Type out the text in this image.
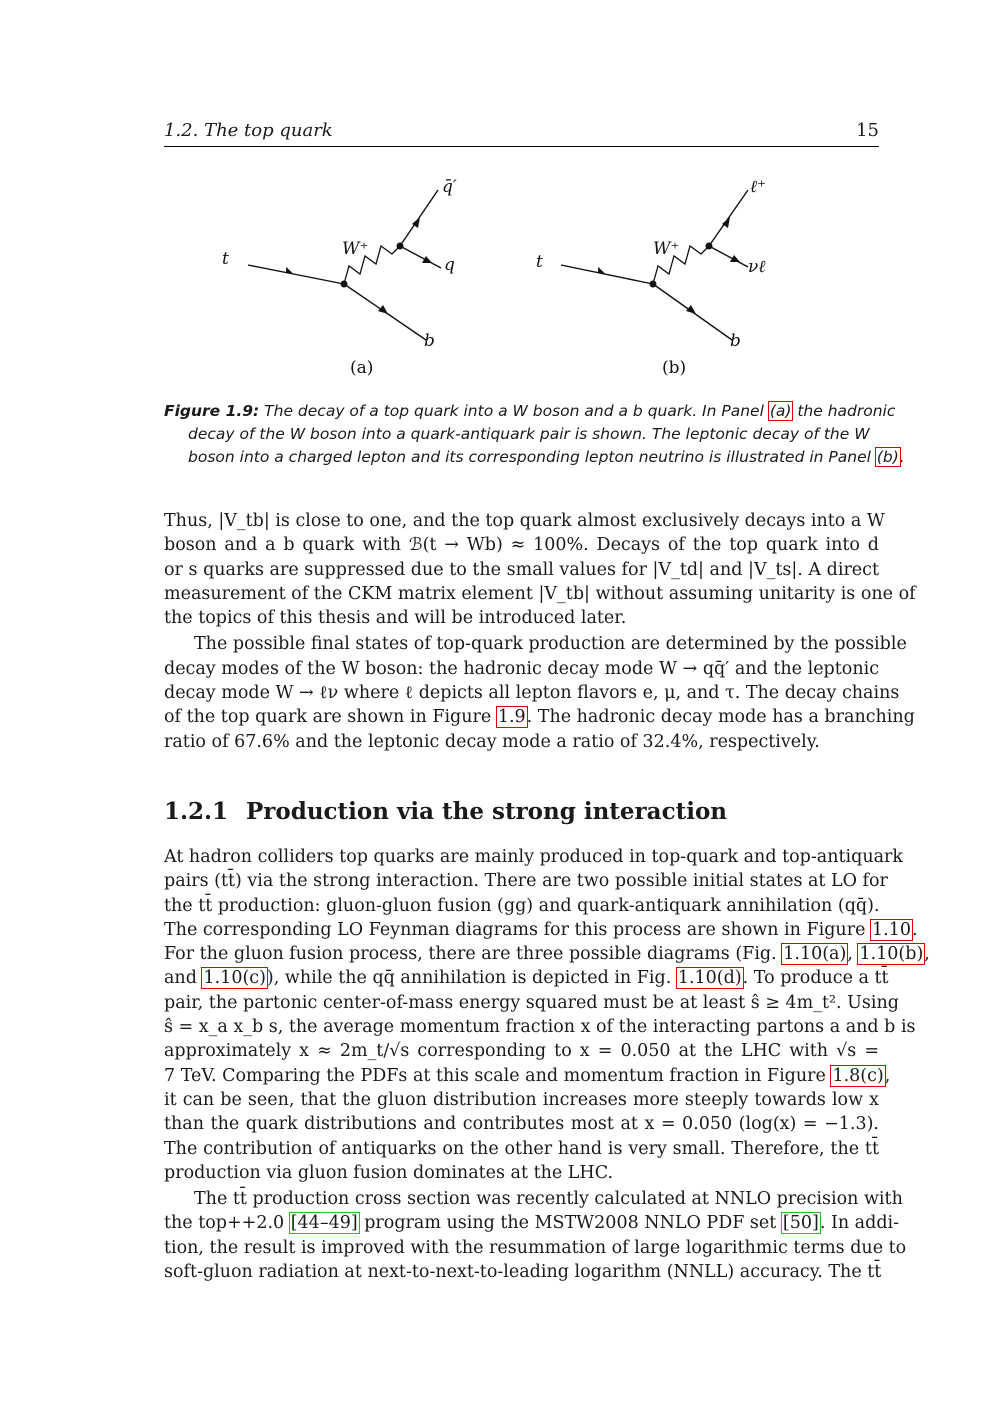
1.2. The top quark	15
t	W⁺
q̄′
q
b
(a)
t
W⁺
ℓ⁺
νℓ
b
(b)
Figure 1.9: The decay of a top quark into a W boson and a b quark. In Panel (a) the hadronic
decay of the W boson into a quark-antiquark pair is shown. The leptonic decay of the W
boson into a charged lepton and its corresponding lepton neutrino is illustrated in Panel (b).

Thus, |V_tb| is close to one, and the top quark almost exclusively decays into a W
boson and a b quark with ℬ(t → Wb) ≈ 100%. Decays of the top quark into d
or s quarks are suppressed due to the small values for |V_td| and |V_ts|. A direct
measurement of the CKM matrix element |V_tb| without assuming unitarity is one of
the topics of this thesis and will be introduced later.

The possible final states of top-quark production are determined by the possible
decay modes of the W boson: the hadronic decay mode W → qq̄′ and the leptonic
decay mode W → ℓν where ℓ depicts all lepton flavors e, μ, and τ. The decay chains
of the top quark are shown in Figure 1.9. The hadronic decay mode has a branching
ratio of 67.6% and the leptonic decay mode a ratio of 32.4%, respectively.

1.2.1 Production via the strong interaction

At hadron colliders top quarks are mainly produced in top-quark and top-antiquark
pairs (tt̄) via the strong interaction. There are two possible initial states at LO for
the tt̄ production: gluon-gluon fusion (gg) and quark-antiquark annihilation (qq̄).
The corresponding LO Feynman diagrams for this process are shown in Figure 1.10.
For the gluon fusion process, there are three possible diagrams (Fig. 1.10(a), 1.10(b),
and 1.10(c)), while the qq̄ annihilation is depicted in Fig. 1.10(d). To produce a tt̄
pair, the partonic center-of-mass energy squared must be at least ŝ ≥ 4m_t². Using
ŝ = x_a x_b s, the average momentum fraction x of the interacting partons a and b is
approximately x ≈ 2m_t/√s corresponding to x = 0.050 at the LHC with √s =
7 TeV. Comparing the PDFs at this scale and momentum fraction in Figure 1.8(c),
it can be seen, that the gluon distribution increases more steeply towards low x
than the quark distributions and contributes most at x = 0.050 (log(x) = −1.3).
The contribution of antiquarks on the other hand is very small. Therefore, the tt̄
production via gluon fusion dominates at the LHC.

The tt̄ production cross section was recently calculated at NNLO precision with
the top++2.0 [44–49] program using the MSTW2008 NNLO PDF set [50]. In addi-
tion, the result is improved with the resummation of large logarithmic terms due to
soft-gluon radiation at next-to-next-to-leading logarithm (NNLL) accuracy. The tt̄
